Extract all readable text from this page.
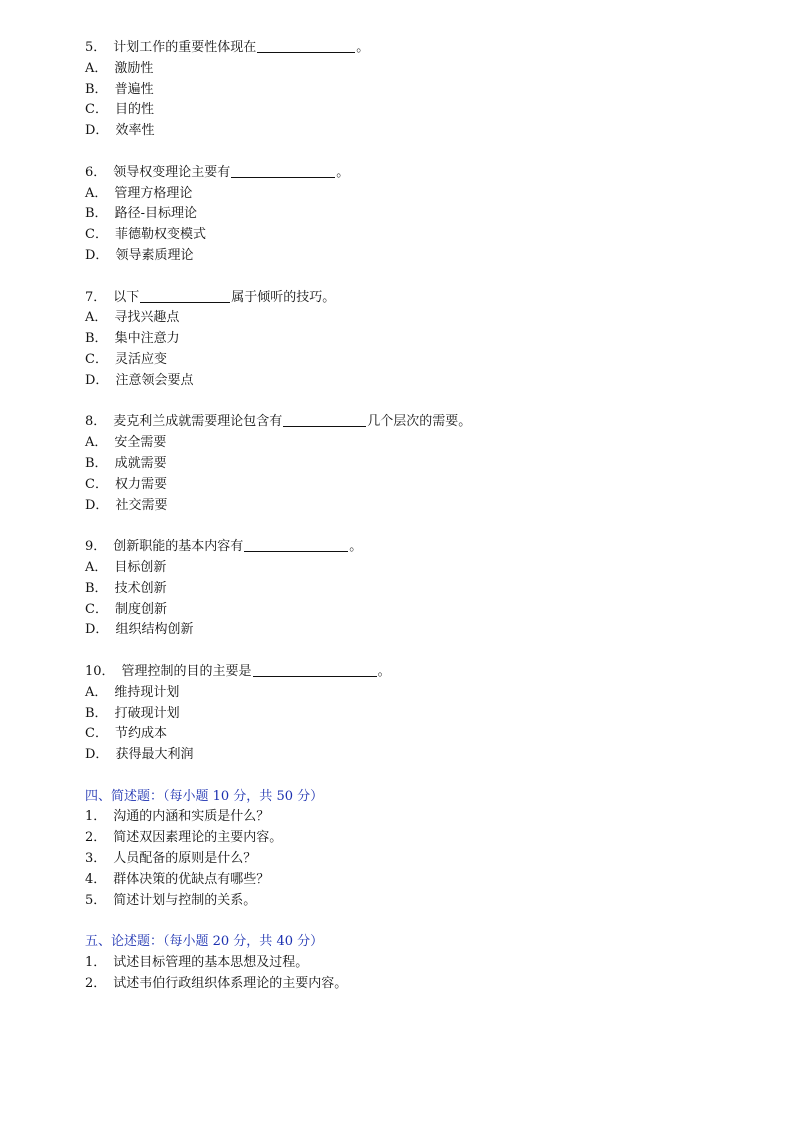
5． 计划工作的重要性体现在	。
A． 激励性
B． 普遍性
C． 目的性
D． 效率性
6． 领导权变理论主要有	。
A． 管理方格理论
B． 路径-目标理论
C． 菲德勒权变模式
D． 领导素质理论
7． 以下	属于倾听的技巧。
A． 寻找兴趣点
B． 集中注意力
C． 灵活应变
D． 注意领会要点
8． 麦克利兰成就需要理论包含有	几个层次的需要。
A． 安全需要
B． 成就需要
C． 权力需要
D． 社交需要
9． 创新职能的基本内容有	。
A． 目标创新
B． 技术创新
C． 制度创新
D． 组织结构创新
10． 管理控制的目的主要是	。
A． 维持现计划
B． 打破现计划
C． 节约成本
D． 获得最大利润
四、简述题：（每小题 10 分，共 50 分）
1． 沟通的内涵和实质是什么？
2． 简述双因素理论的主要内容。
3． 人员配备的原则是什么？
4． 群体决策的优缺点有哪些？
5． 简述计划与控制的关系。
五、论述题：（每小题 20 分，共 40 分）
1． 试述目标管理的基本思想及过程。
2． 试述韦伯行政组织体系理论的主要内容。
